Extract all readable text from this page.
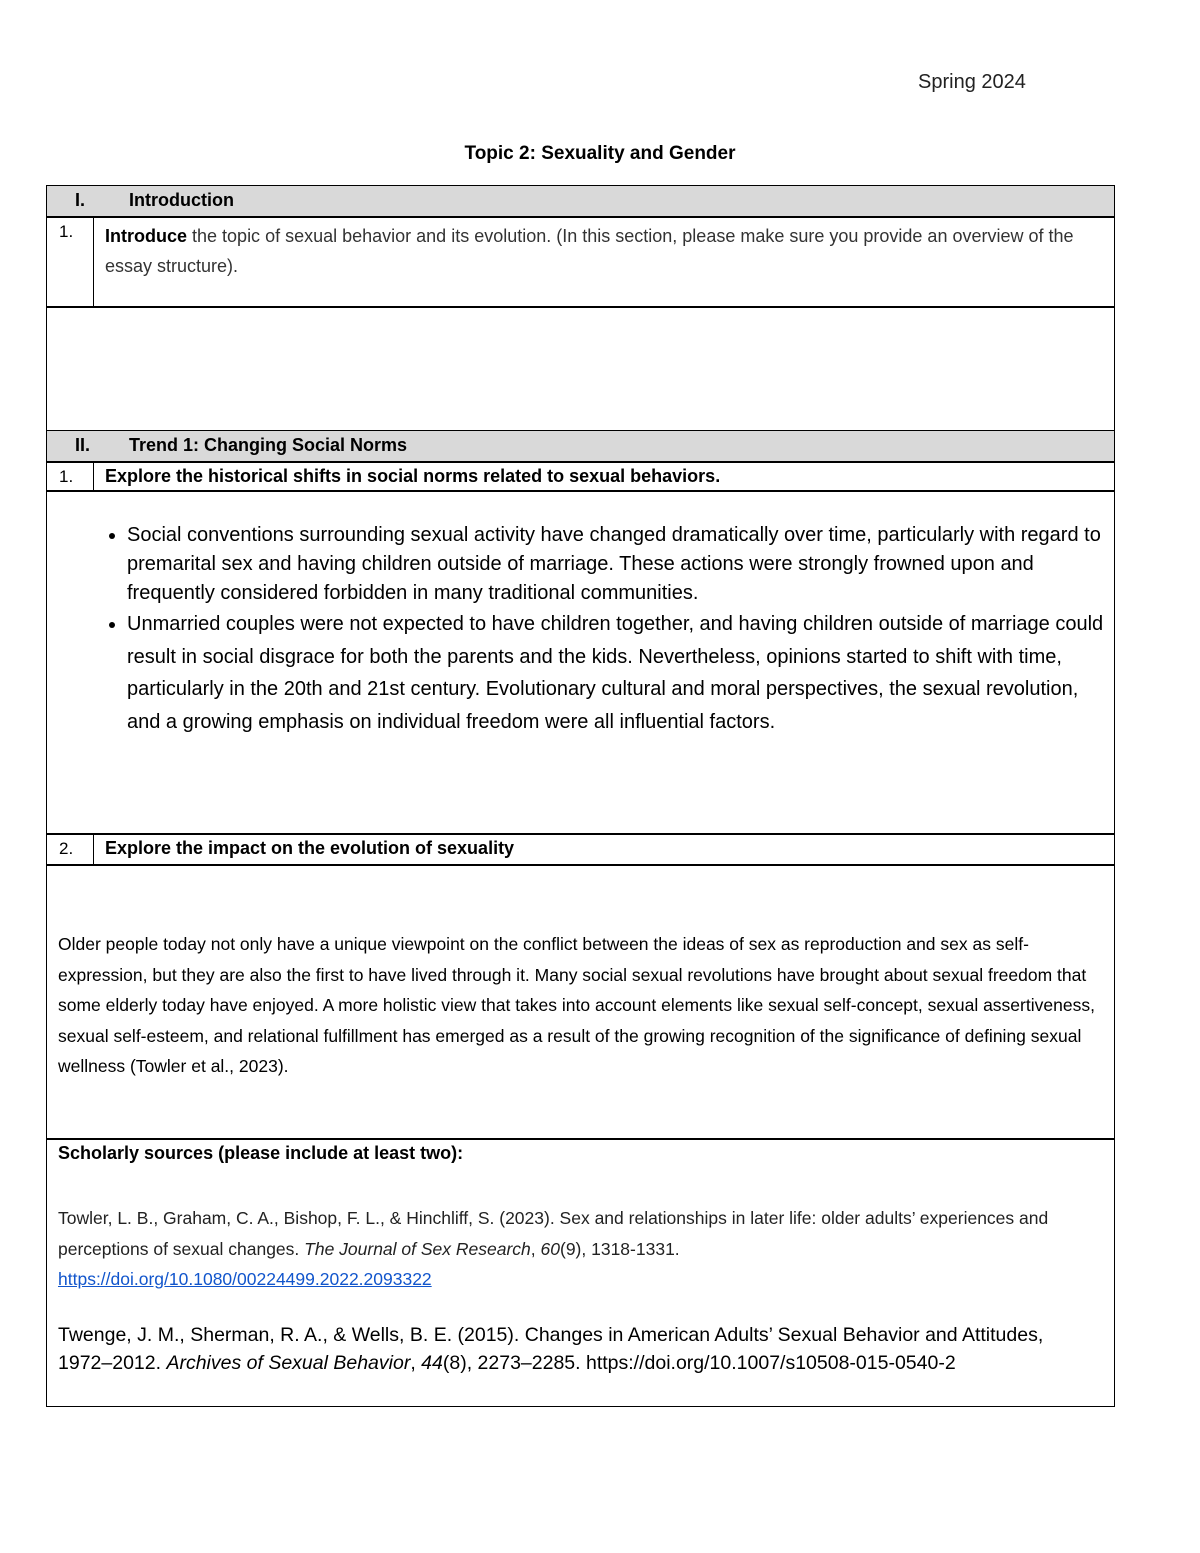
Spring 2024
Topic 2: Sexuality and Gender
I. Introduction
1. Introduce the topic of sexual behavior and its evolution. (In this section, please make sure you provide an overview of the essay structure).
II. Trend 1: Changing Social Norms
1. Explore the historical shifts in social norms related to sexual behaviors.
• Social conventions surrounding sexual activity have changed dramatically over time, particularly with regard to premarital sex and having children outside of marriage. These actions were strongly frowned upon and frequently considered forbidden in many traditional communities.
• Unmarried couples were not expected to have children together, and having children outside of marriage could result in social disgrace for both the parents and the kids. Nevertheless, opinions started to shift with time, particularly in the 20th and 21st century. Evolutionary cultural and moral perspectives, the sexual revolution, and a growing emphasis on individual freedom were all influential factors.
2. Explore the impact on the evolution of sexuality
Older people today not only have a unique viewpoint on the conflict between the ideas of sex as reproduction and sex as self-expression, but they are also the first to have lived through it. Many social sexual revolutions have brought about sexual freedom that some elderly today have enjoyed. A more holistic view that takes into account elements like sexual self-concept, sexual assertiveness, sexual self-esteem, and relational fulfillment has emerged as a result of the growing recognition of the significance of defining sexual wellness (Towler et al., 2023).
Scholarly sources (please include at least two):
Towler, L. B., Graham, C. A., Bishop, F. L., & Hinchliff, S. (2023). Sex and relationships in later life: older adults’ experiences and perceptions of sexual changes. The Journal of Sex Research, 60(9), 1318-1331.
https://doi.org/10.1080/00224499.2022.2093322
Twenge, J. M., Sherman, R. A., & Wells, B. E. (2015). Changes in American Adults’ Sexual Behavior and Attitudes, 1972–2012. Archives of Sexual Behavior, 44(8), 2273–2285. https://doi.org/10.1007/s10508-015-0540-2
